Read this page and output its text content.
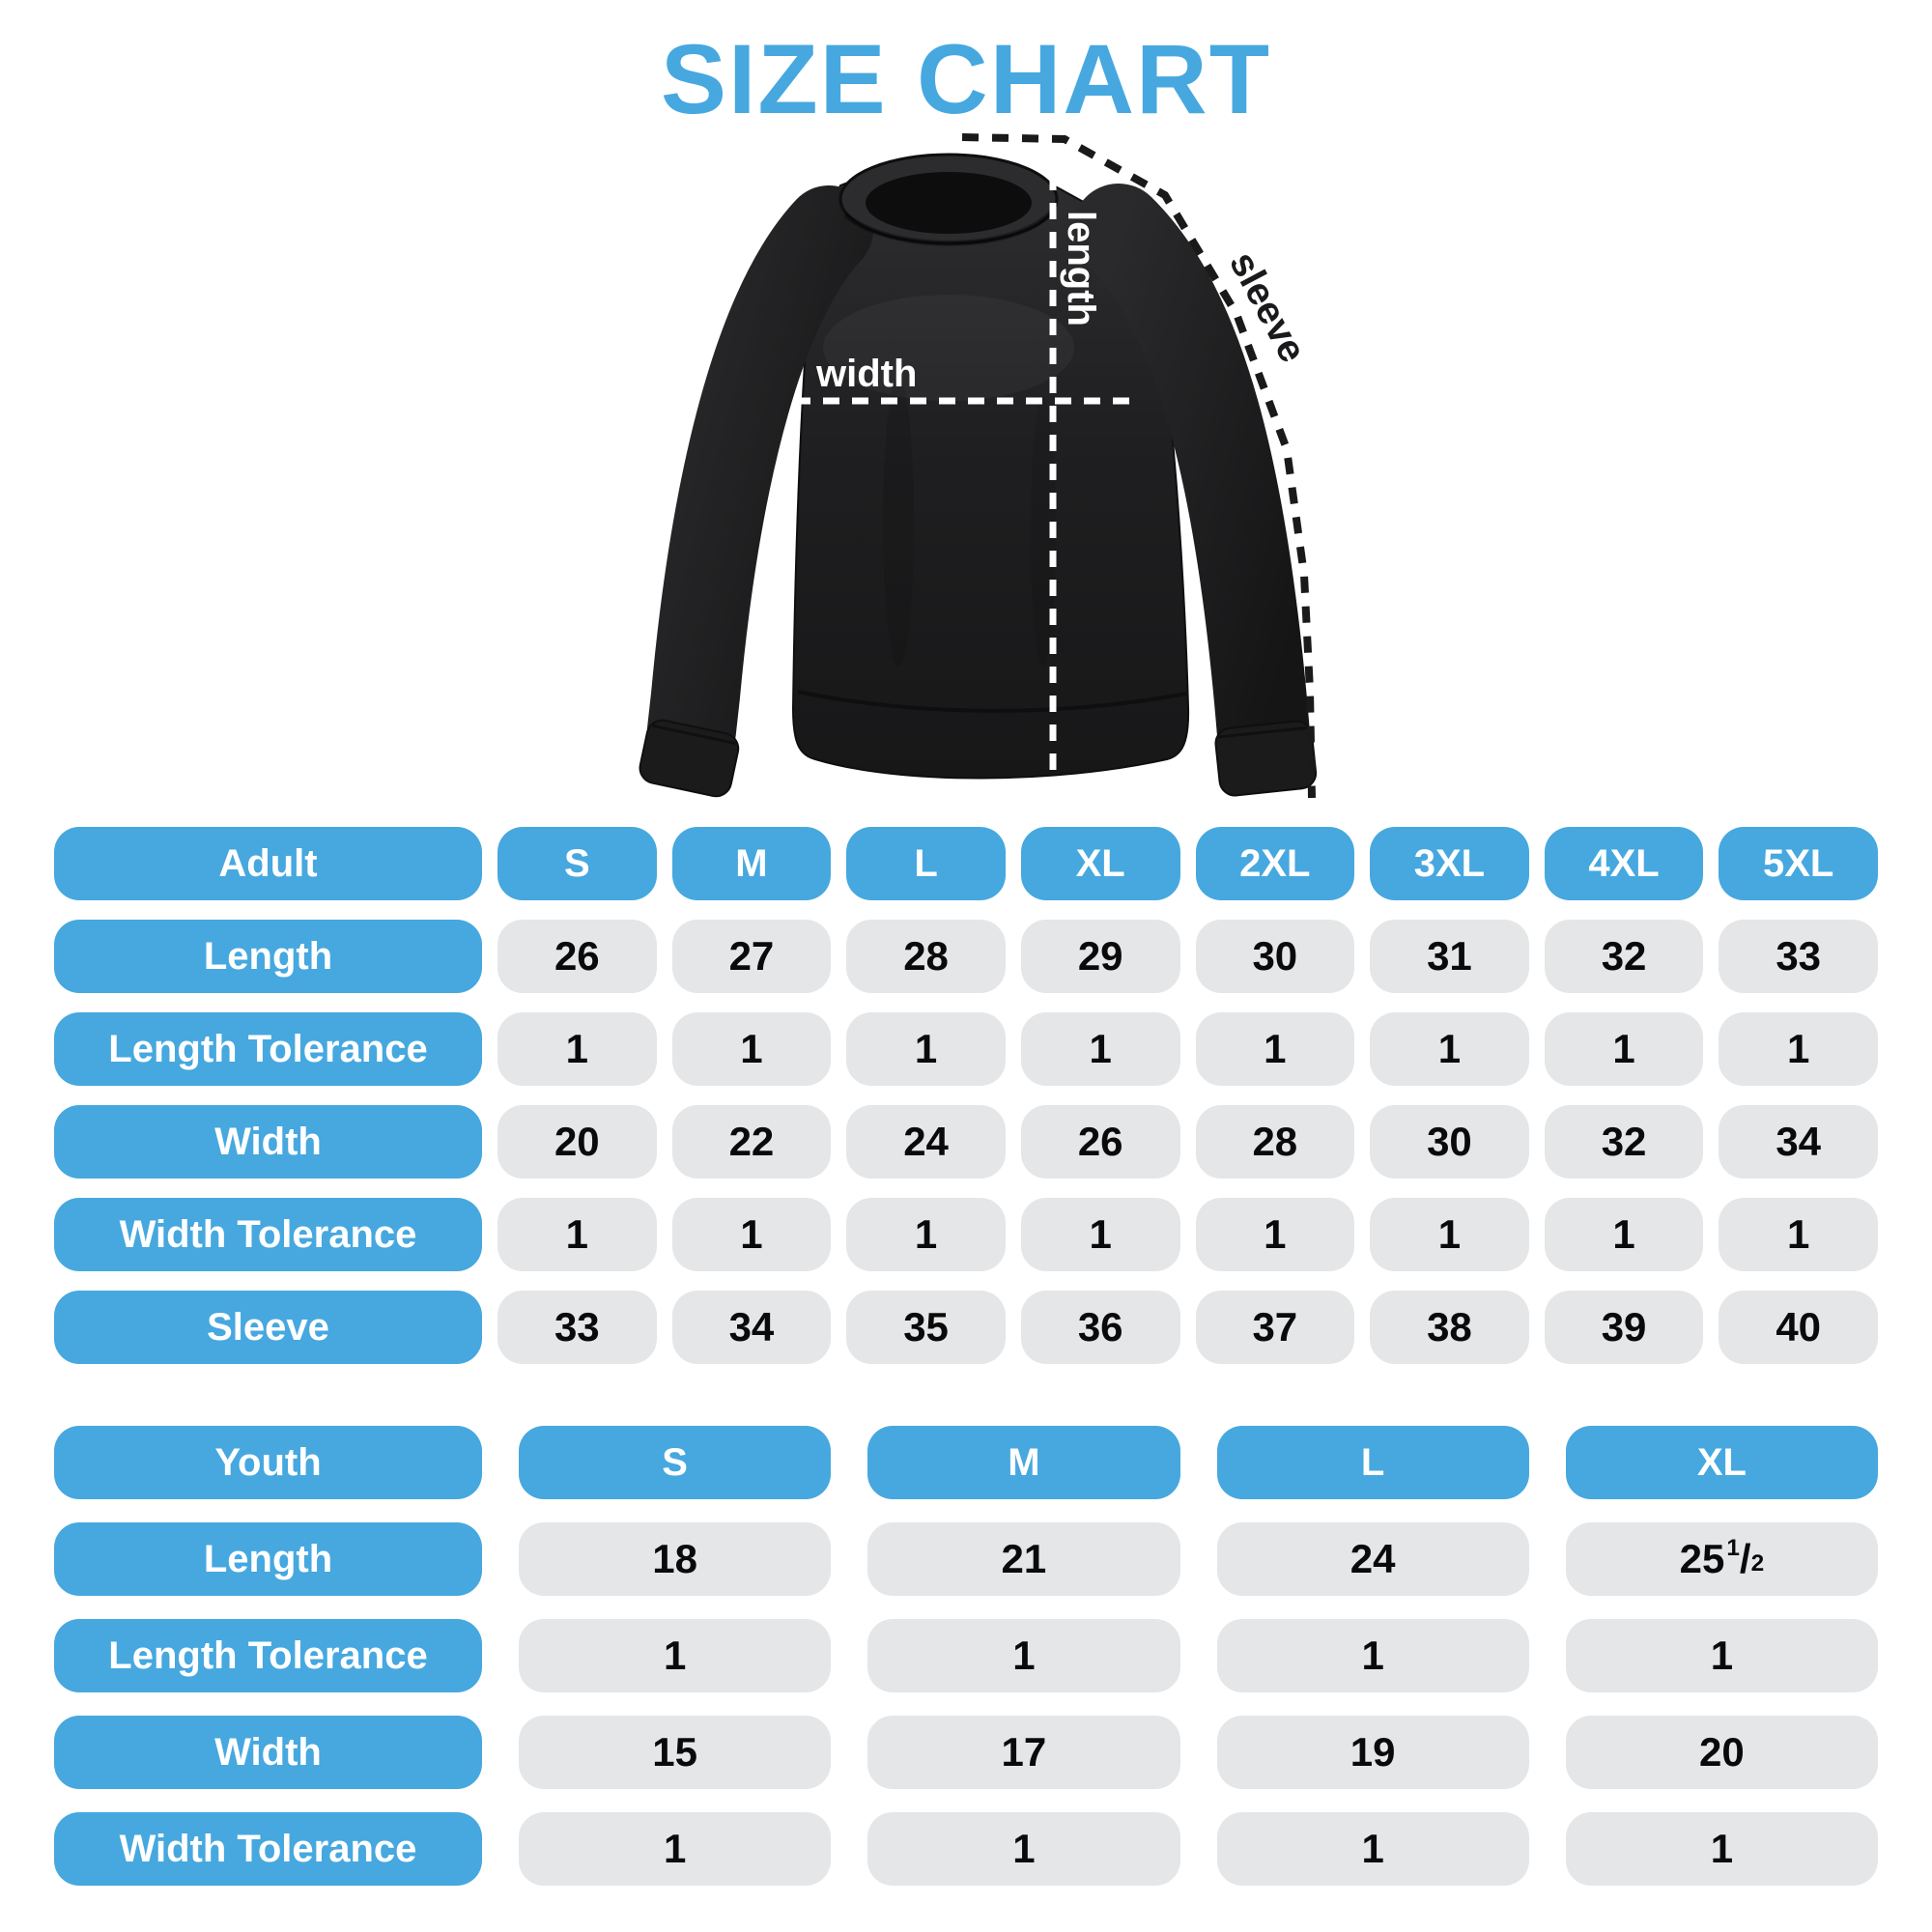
SIZE CHART
width
length	sleeve
Adult	S	M	L	XL	2XL	3XL	4XL	5XL
Length	26	27	28	29	30	31	32	33
Length Tolerance	1	1	1	1	1	1	1	1
Width	20	22	24	26	28	30	32	34
Width Tolerance	1	1	1	1	1	1	1	1
Sleeve	33	34	35	36	37	38	39	40
Youth	S	M	L	XL
Length	18	21	24	$25^1$ $/_2$
Length Tolerance	1	1	1	1
Width	15	17	19	20
Width Tolerance	1	1	1	1
